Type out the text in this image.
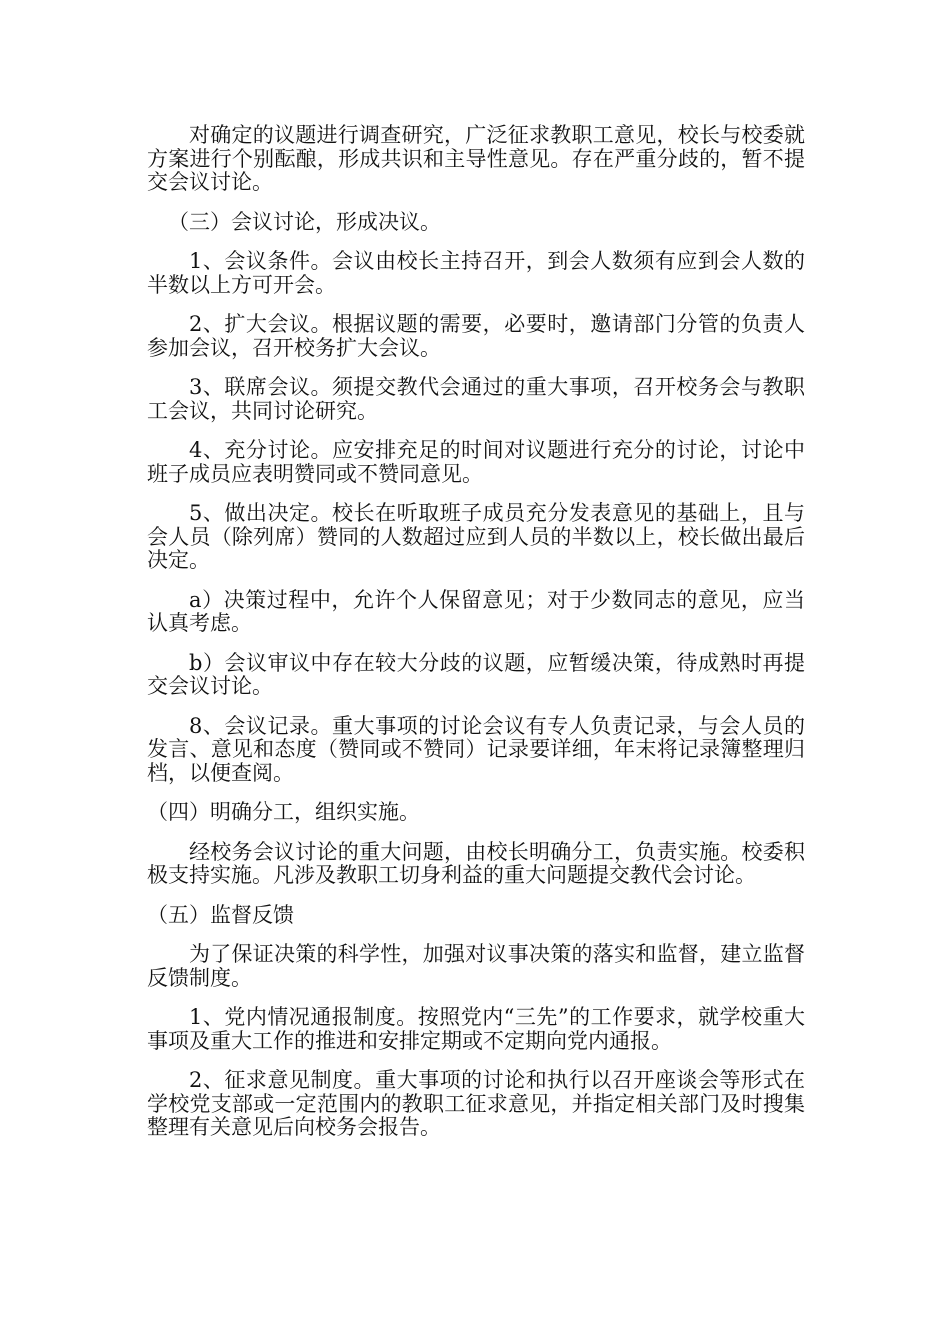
对确定的议题进行调查研究，广泛征求教职工意见，校长与校委就方案进行个别酝酿，形成共识和主导性意见。存在严重分歧的，暂不提交会议讨论。

（三）会议讨论，形成决议。

1、会议条件。会议由校长主持召开，到会人数须有应到会人数的半数以上方可开会。

2、扩大会议。根据议题的需要，必要时，邀请部门分管的负责人参加会议，召开校务扩大会议。

3、联席会议。须提交教代会通过的重大事项，召开校务会与教职工会议，共同讨论研究。

4、充分讨论。应安排充足的时间对议题进行充分的讨论，讨论中班子成员应表明赞同或不赞同意见。

5、做出决定。校长在听取班子成员充分发表意见的基础上，且与会人员（除列席）赞同的人数超过应到人员的半数以上，校长做出最后决定。

a）决策过程中，允许个人保留意见；对于少数同志的意见，应当认真考虑。

b）会议审议中存在较大分歧的议题，应暂缓决策，待成熟时再提交会议讨论。

8、会议记录。重大事项的讨论会议有专人负责记录，与会人员的发言、意见和态度（赞同或不赞同）记录要详细，年末将记录簿整理归档，以便查阅。

（四）明确分工，组织实施。

经校务会议讨论的重大问题，由校长明确分工，负责实施。校委积极支持实施。凡涉及教职工切身利益的重大问题提交教代会讨论。

（五）监督反馈

为了保证决策的科学性，加强对议事决策的落实和监督，建立监督反馈制度。

1、党内情况通报制度。按照党内“三先”的工作要求，就学校重大事项及重大工作的推进和安排定期或不定期向党内通报。

2、征求意见制度。重大事项的讨论和执行以召开座谈会等形式在学校党支部或一定范围内的教职工征求意见，并指定相关部门及时搜集整理有关意见后向校务会报告。
